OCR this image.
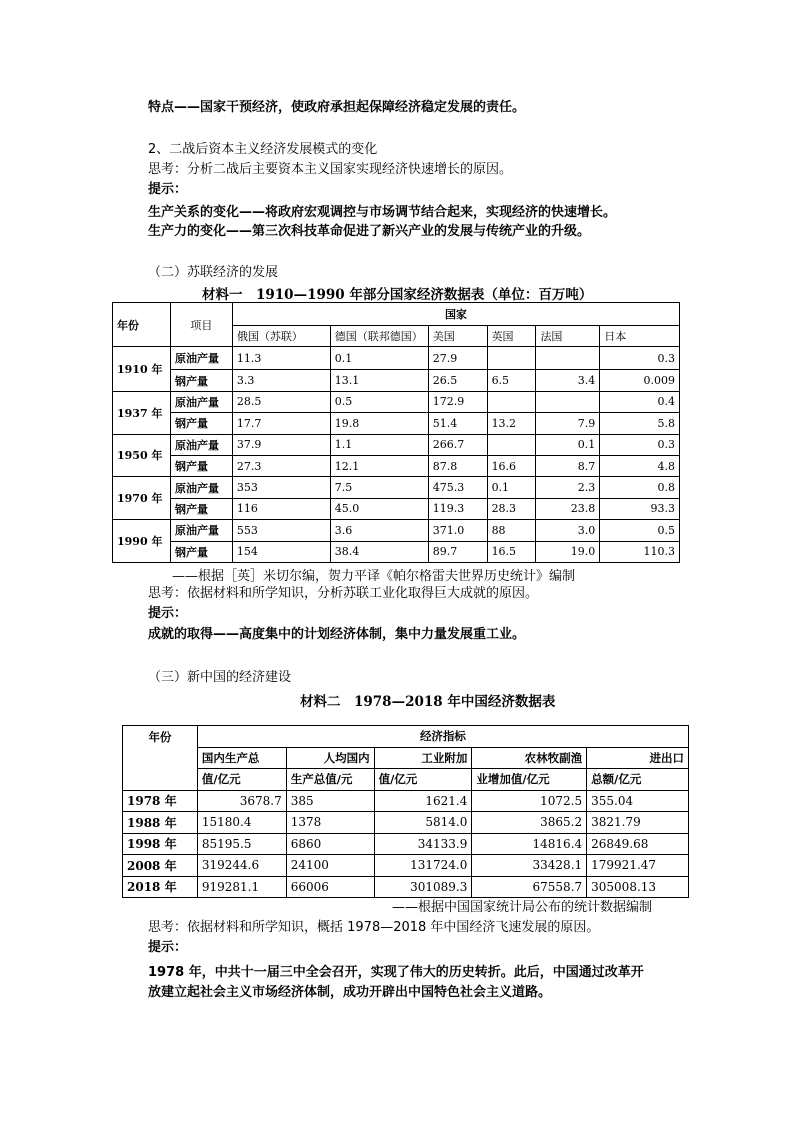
特点——国家干预经济，使政府承担起保障经济稳定发展的责任。
2、二战后资本主义经济发展模式的变化
思考：分析二战后主要资本主义国家实现经济快速增长的原因。
提示：
生产关系的变化——将政府宏观调控与市场调节结合起来，实现经济的快速增长。
生产力的变化——第三次科技革命促进了新兴产业的发展与传统产业的升级。
（二）苏联经济的发展
材料一　1910—1990 年部分国家经济数据表（单位：百万吨）
年份	项目	国家					
		俄国（苏联）	德国（联邦德国）	美国	英国	法国	日本
1910 年	原油产量	11.3	0.1	27.9			0.3
	钢产量	3.3	13.1	26.5	6.5	3.4	0.009
1937 年	原油产量	28.5	0.5	172.9			0.4
	钢产量	17.7	19.8	51.4	13.2	7.9	5.8
1950 年	原油产量	37.9	1.1	266.7		0.1	0.3
	钢产量	27.3	12.1	87.8	16.6	8.7	4.8
1970 年	原油产量	353	7.5	475.3	0.1	2.3	0.8
	钢产量	116	45.0	119.3	28.3	23.8	93.3
1990 年	原油产量	553	3.6	371.0	88	3.0	0.5
	钢产量	154	38.4	89.7	16.5	19.0	110.3
——根据［英］米切尔编，贺力平译《帕尔格雷夫世界历史统计》编制
思考：依据材料和所学知识，分析苏联工业化取得巨大成就的原因。
提示：
成就的取得——高度集中的计划经济体制，集中力量发展重工业。
（三）新中国的经济建设
材料二　1978—2018 年中国经济数据表
年份	经济指标				
	国内生产总	人均国内	工业附加	农林牧副渔	进出口
	值/亿元	生产总值/元	值/亿元	业增加值/亿元	总额/亿元
1978 年	3678.7	385	1621.4	1072.5	355.04
1988 年	15180.4	1378	5814.0	3865.2	3821.79
1998 年	85195.5	6860	34133.9	14816.4	26849.68
2008 年	319244.6	24100	131724.0	33428.1	179921.47
2018 年	919281.1	66006	301089.3	67558.7	305008.13
——根据中国国家统计局公布的统计数据编制
思考：依据材料和所学知识，概括 1978—2018 年中国经济飞速发展的原因。
提示：
1978 年，中共十一届三中全会召开，实现了伟大的历史转折。此后，中国通过改革开
放建立起社会主义市场经济体制，成功开辟出中国特色社会主义道路。
